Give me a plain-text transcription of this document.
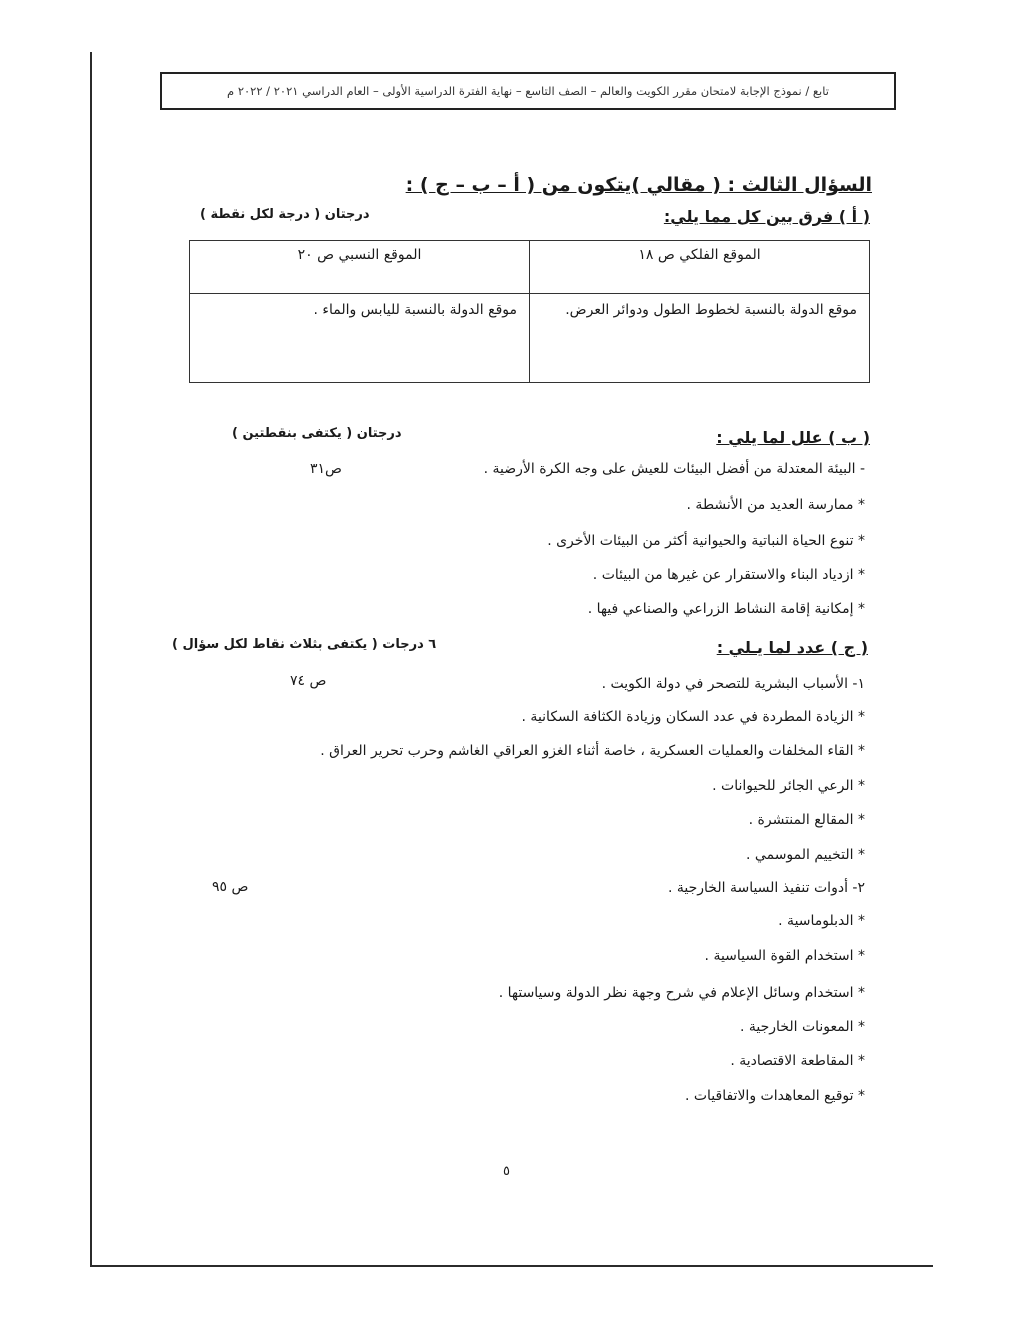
تابع / نموذج الإجابة لامتحان مقرر الكويت والعالم – الصف التاسع – نهاية الفترة الدراسية الأولى – العام الدراسي ٢٠٢١ / ٢٠٢٢ م
السؤال الثالث : ( مقالي )يتكون من ( أ – ب – ج ) :
( أ ) فرق بين كل مما يلي:
درجتان ( درجة لكل نقطة )
الموقع الفلكي ص ١٨	الموقع النسبي ص ٢٠
موقع الدولة بالنسبة لخطوط الطول ودوائر العرض.	موقع الدولة بالنسبة لليابس والماء .
( ب ) علل لما يلي :
درجتان ( يكتفى بنقطتين )
- البيئة المعتدلة من أفضل البيئات للعيش على وجه الكرة الأرضية .
ص٣١
* ممارسة العديد من الأنشطة .
* تنوع الحياة النباتية والحيوانية أكثر من البيئات الأخرى .
* ازدياد البناء والاستقرار عن غيرها من البيئات .
* إمكانية إقامة النشاط الزراعي والصناعي فيها .
( ج ) عدد لما يـلي :
٦ درجات ( يكتفى بثلاث نقاط لكل سؤال )
١- الأسباب البشرية للتصحر في دولة الكويت .
ص ٧٤
* الزيادة المطردة في عدد السكان وزيادة الكثافة السكانية .
* القاء المخلفات والعمليات العسكرية ، خاصة أثناء الغزو العراقي الغاشم وحرب تحرير العراق .
* الرعي الجائر للحيوانات .
* المقالع المنتشرة .
* التخييم الموسمي .
٢- أدوات تنفيذ السياسة الخارجية .
ص ٩٥
* الدبلوماسية .
* استخدام القوة السياسية .
* استخدام وسائل الإعلام في شرح وجهة نظر الدولة وسياستها .
* المعونات الخارجية .
* المقاطعة الاقتصادية .
* توقيع المعاهدات والاتفاقيات .
٥
